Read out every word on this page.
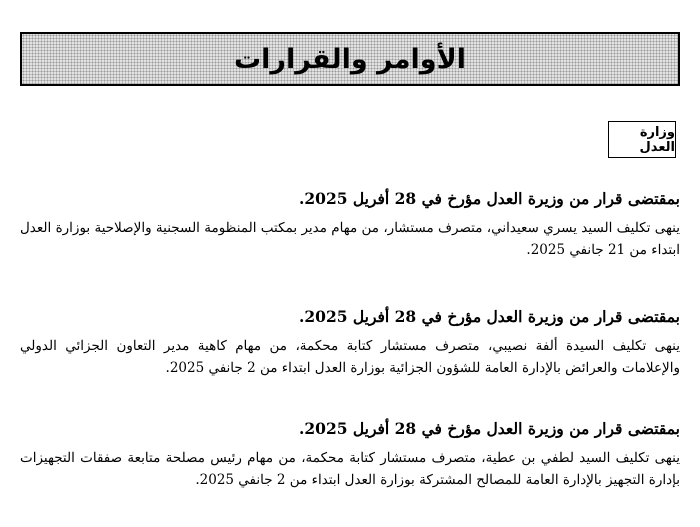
الأوامر والقرارات
وزارة العدل

بمقتضى قرار من وزيرة العدل مؤرخ في 28 أفريل 2025.

ينهى تكليف السيد يسري سعيداني، متصرف مستشار، من مهام مدير بمكتب المنظومة السجنية والإصلاحية بوزارة العدل ابتداء من 21 جانفي 2025.

بمقتضى قرار من وزيرة العدل مؤرخ في 28 أفريل 2025.

ينهى تكليف السيدة ألفة نصيبي، متصرف مستشار كتابة محكمة، من مهام كاهية مدير التعاون الجزائي الدولي والإعلامات والعرائض بالإدارة العامة للشؤون الجزائية بوزارة العدل ابتداء من 2 جانفي 2025.

بمقتضى قرار من وزيرة العدل مؤرخ في 28 أفريل 2025.

ينهى تكليف السيد لطفي بن عطية، متصرف مستشار كتابة محكمة، من مهام رئيس مصلحة متابعة صفقات التجهيزات بإدارة التجهيز بالإدارة العامة للمصالح المشتركة بوزارة العدل ابتداء من 2 جانفي 2025.
